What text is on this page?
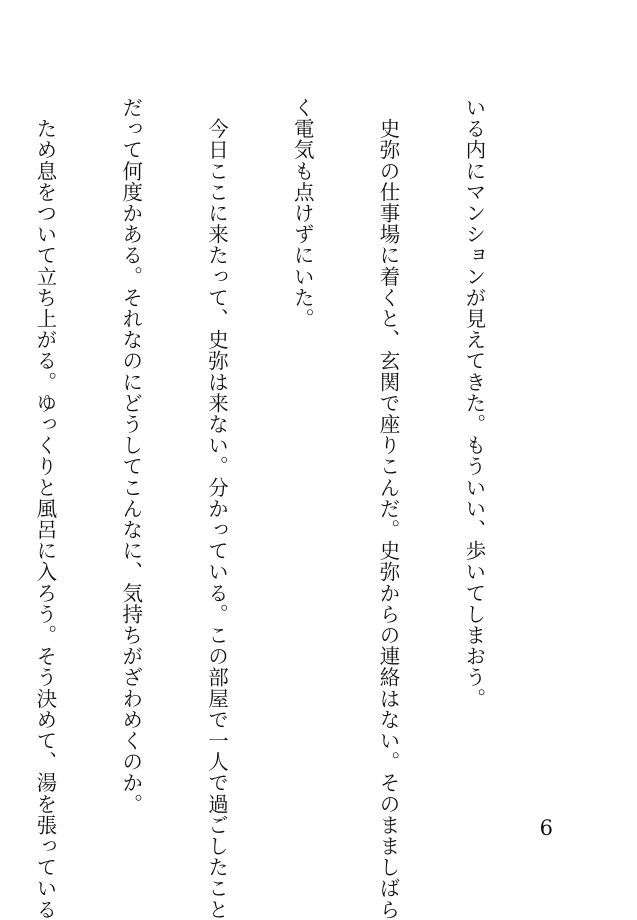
いる内にマンションが見えてきた。もういい、歩いてしまおう。

　史弥の仕事場に着くと、玄関で座りこんだ。史弥からの連絡はない。そのまましばら

く電気も点けずにいた。

　今日ここに来たって、史弥は来ない。分かっている。この部屋で一人で過ごしたこと

だって何度かある。それなのにどうしてこんなに、気持ちがざわめくのか。

　ため息をついて立ち上がる。ゆっくりと風呂に入ろう。そう決めて、湯を張っている

	6
